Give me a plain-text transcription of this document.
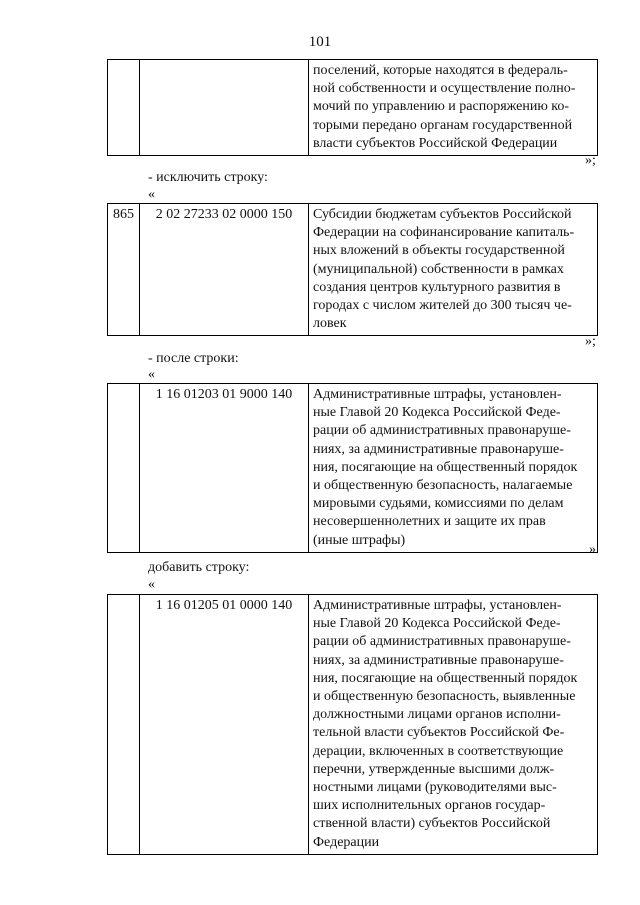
101

поселений, которые находятся в федераль-
ной собственности и осуществление полно-
мочий по управлению и распоряжению ко-
торыми передано органам государственной
власти субъектов Российской Федерации
»;
- исключить строку:
«
865	2 02 27233 02 0000 150	Субсидии бюджетам субъектов Российской
Федерации на софинансирование капиталь-
ных вложений в объекты государственной
(муниципальной) собственности в рамках
создания центров культурного развития в
городах с числом жителей до 300 тысяч че-
ловек
»;
- после строки:
«
	1 16 01203 01 9000 140	Административные штрафы, установлен-
ные Главой 20 Кодекса Российской Феде-
рации об административных правонаруше-
ниях, за административные правонаруше-
ния, посягающие на общественный порядок
и общественную безопасность, налагаемые
мировыми судьями, комиссиями по делам
несовершеннолетних и защите их прав
(иные штрафы)
»
добавить строку:
«
	1 16 01205 01 0000 140	Административные штрафы, установлен-
ные Главой 20 Кодекса Российской Феде-
рации об административных правонаруше-
ниях, за административные правонаруше-
ния, посягающие на общественный порядок
и общественную безопасность, выявленные
должностными лицами органов исполни-
тельной власти субъектов Российской Фе-
дерации, включенных в соответствующие
перечни, утвержденные высшими долж-
ностными лицами (руководителями выс-
ших исполнительных органов государ-
ственной власти) субъектов Российской
Федерации
